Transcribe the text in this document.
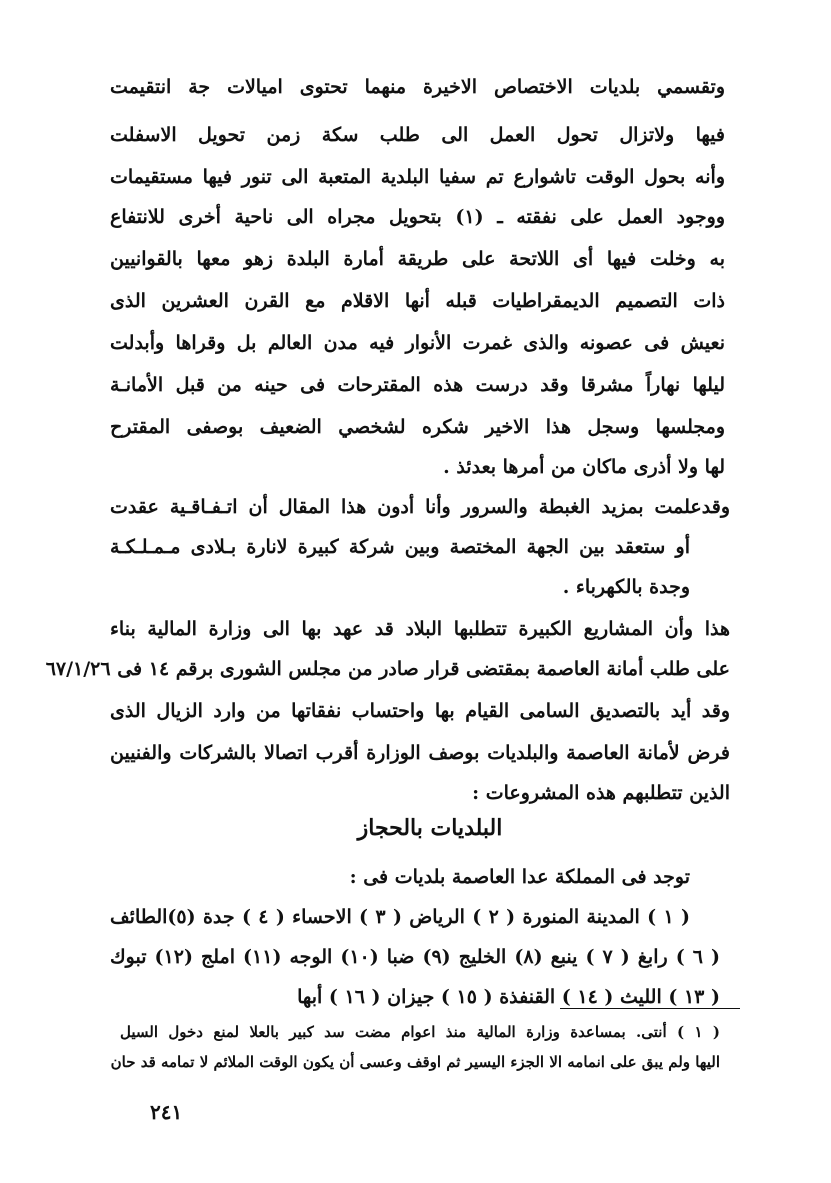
وتقسمي بلديات الاختصاص الاخيرة منهما تحتوى اميالات جة انتقيمت
فيها ولاتزال تحول العمل الى طلب سكة زمن تحويل الاسفلت
وأنه بحول الوقت تاشوارع تم سفيا البلدية المتعبة الى تنور فيها مستقيمات
ووجود العمل على نفقته ـ (١) بتحويل مجراه الى ناحية أخرى للانتفاع
به وخلت فيها أى اللاتحة على طريقة أمارة البلدة زهو معها بالقوانيين
ذات التصميم الديمقراطيات قبله أنها الاقلام مع القرن العشرين الذى
نعيش فى عصونه والذى غمرت الأنوار فيه مدن العالم بل وقراها وأبدلت
ليلها نهاراً مشرقا وقد درست هذه المقترحات فى حينه من قبل الأمانـة
ومجلسها وسجل هذا الاخير شكره لشخصي الضعيف بوصفى المقترح
لها ولا أذرى ماكان من أمرها بعدئذ .
وقدعلمت بمزيد الغبطة والسرور وأنا أدون هذا المقال أن اتـفـاقـية عقدت
أو ستعقد بين الجهة المختصة وبين شركة كبيرة لانارة بـلادى مـمـلـكـة
وجدة بالكهرباء .
هذا وأن المشاريع الكبيرة تتطلبها البلاد قد عهد بها الى وزارة المالية بناء
على طلب أمانة العاصمة بمقتضى قرار صادر من مجلس الشورى برقم ١٤ فى ٦٧/١/٢٦
وقد أيد بالتصديق السامى القيام بها واحتساب نفقاتها من وارد الزيال الذى
فرض لأمانة العاصمة والبلديات بوصف الوزارة أقرب اتصالا بالشركات والفنيين
الذين تتطلبهم هذه المشروعات :
البلديات بالحجاز
توجد فى المملكة عدا العاصمة بلديات فى :
( ١ ) المدينة المنورة ( ٢ ) الرياض ( ٣ ) الاحساء ( ٤ ) جدة (٥)الطائف
( ٦ ) رابغ ( ٧ ) ينبع (٨) الخليج (٩) ضبا (١٠) الوجه (١١) املج (١٢) تبوك
( ١٣ ) الليث ( ١٤ ) القنفذة ( ١٥ ) جيزان ( ١٦ ) أبها
( ١ ) أنتى. بمساعدة وزارة المالية منذ اعوام مضت سد كبير بالعلا لمنع دخول السيل
اليها ولم يبق على انمامه الا الجزء اليسير ثم اوقف وعسى أن يكون الوقت الملائم لا تمامه قد حان
٢٤١
